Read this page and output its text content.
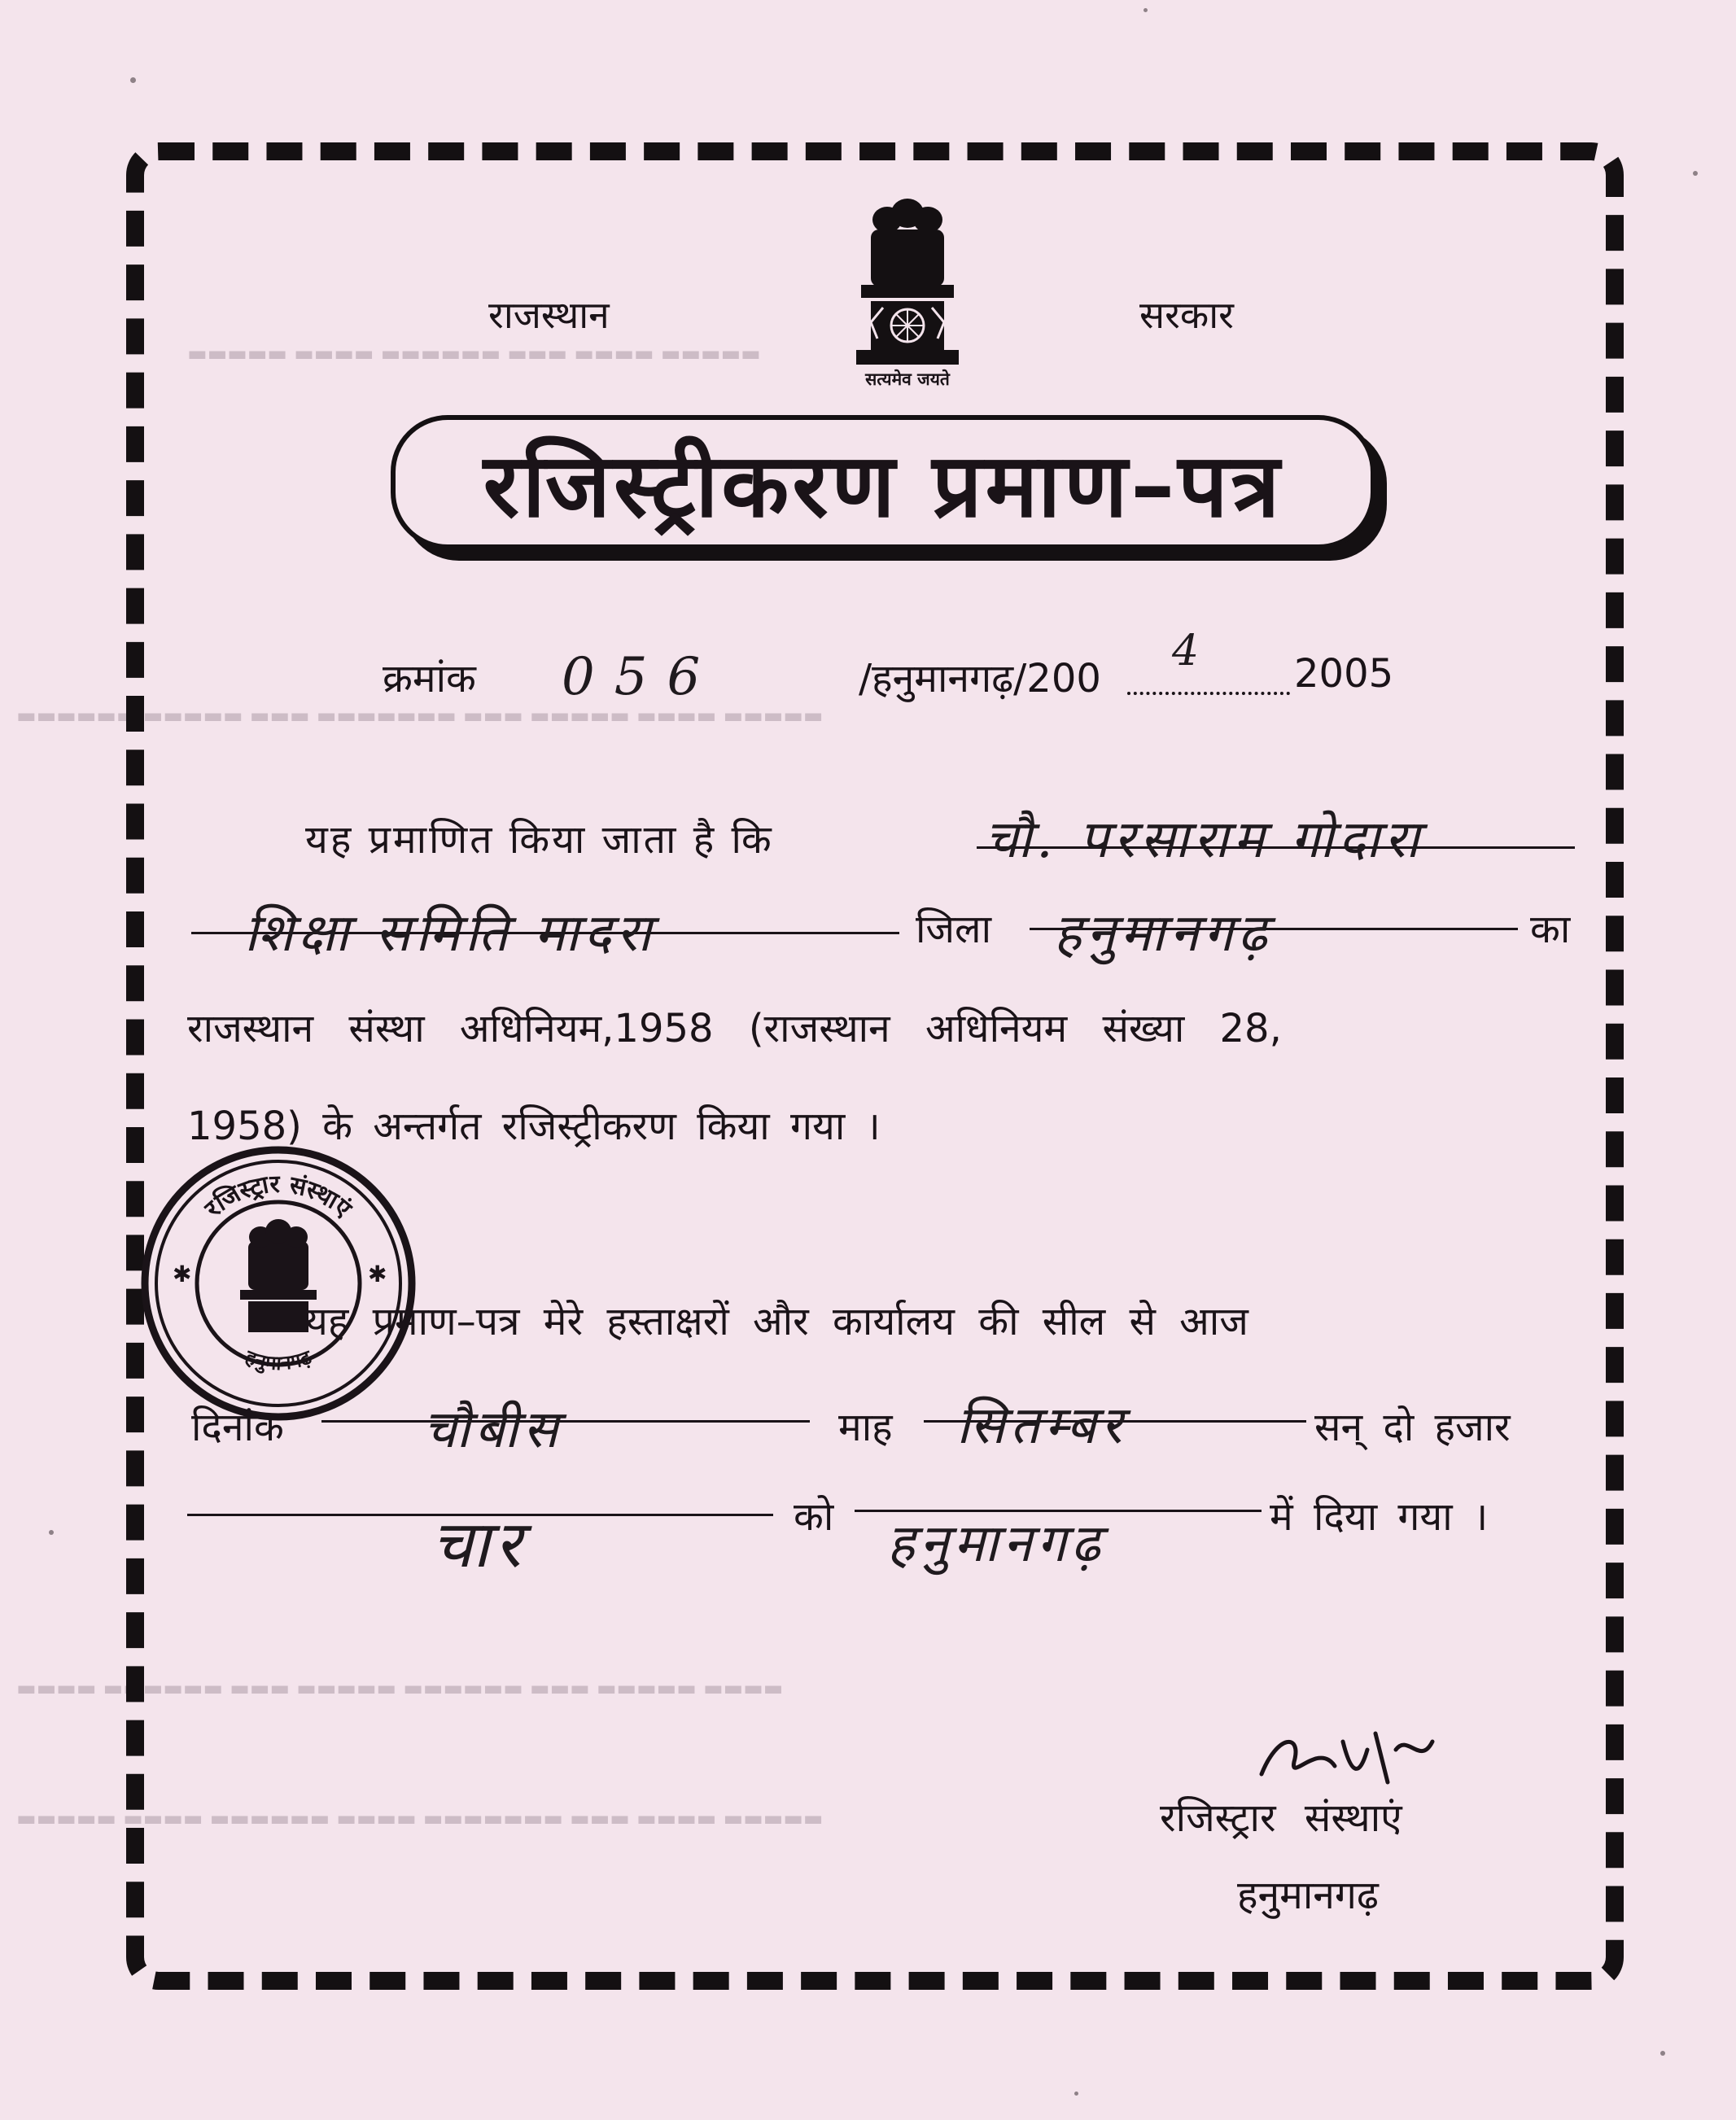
▬▬▬▬▬ ▬▬▬▬ ▬▬▬▬▬▬ ▬▬▬ ▬▬▬▬ ▬▬▬▬▬
▬▬▬▬▬▬ ▬▬▬▬▬ ▬▬▬ ▬▬▬▬▬▬▬ ▬▬▬ ▬▬▬▬▬ ▬▬▬▬ ▬▬▬▬▬
▬▬▬▬ ▬▬▬▬▬▬ ▬▬▬ ▬▬▬▬▬ ▬▬▬▬▬▬ ▬▬▬ ▬▬▬▬▬ ▬▬▬▬
▬▬▬▬▬ ▬▬▬▬ ▬▬▬▬▬▬ ▬▬▬▬ ▬▬▬▬▬▬▬ ▬▬▬ ▬▬▬▬ ▬▬▬▬▬
सत्यमेव जयते
राजस्थान	सरकार
रजिस्ट्रीकरण प्रमाण–पत्र
क्रमांक 056	/हनुमानगढ़/200
4 2005
यह प्रमाणित किया जाता है कि	चौ. परसाराम गोदारा
शिक्षा समिति मादरा	जिला हनुमानगढ़	का
राजस्थान संस्था अधिनियम,1958 (राजस्थान अधिनियम संख्या 28,
1958) के अन्तर्गत रजिस्ट्रीकरण किया गया ।
रजिस्ट्रार संस्थाएं
हनुमानगढ़
✱	✱
यह प्रमाण–पत्र मेरे हस्ताक्षरों और कार्यालय की सील से आज
दिनांक	चौबीस	माह सितम्बर	सन् दो हजार
चार	को हनुमानगढ़	में दिया गया ।
रजिस्ट्रार संस्थाएं
हनुमानगढ़
